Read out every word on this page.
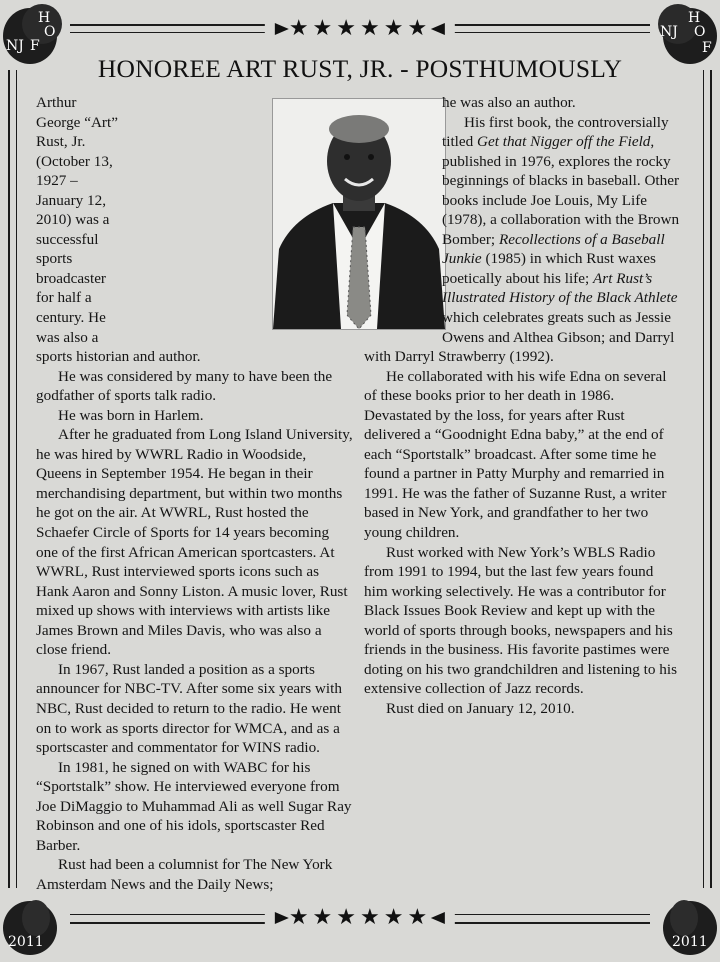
★★★★★★
★★★★★★
H
O
NJ F
H
O
NJ
F
2011	2011
HONOREE ART RUST, JR. - POSTHUMOUSLY

Arthur George “Art” Rust, Jr. (October 13, 1927 – January 12, 2010) was a successful sports broadcaster for half a century. He was also a sports historian and author.

He was considered by many to have been the godfather of sports talk radio.

He was born in Harlem.

After he graduated from Long Island University, he was hired by WWRL Radio in Woodside, Queens in September 1954. He began in their merchandising department, but within two months he got on the air. At WWRL, Rust hosted the Schaefer Circle of Sports for 14 years becoming one of the first African American sportcasters. At WWRL, Rust interviewed sports icons such as Hank Aaron and Sonny Liston. A music lover, Rust mixed up shows with interviews with artists like James Brown and Miles Davis, who was also a close friend.

In 1967, Rust landed a position as a sports announcer for NBC-TV. After some six years with NBC, Rust decided to return to the radio. He went on to work as sports director for WMCA, and as a sportscaster and commentator for WINS radio.

In 1981, he signed on with WABC for his “Sportstalk” show. He interviewed everyone from Joe DiMaggio to Muhammad Ali as well Sugar Ray Robinson and one of his idols, sportscaster Red Barber.

Rust had been a columnist for The New York Amsterdam News and the Daily News;

he was also an author.

His first book, the controversially titled Get that Nigger off the Field, published in 1976, explores the rocky beginnings of blacks in baseball. Other books include Joe Louis, My Life (1978), a collaboration with the Brown Bomber; Recollections of a Baseball Junkie (1985) in which Rust waxes poetically about his life; Art Rust’s Illustrated History of the Black Athlete which celebrates greats such as Jessie Owens and Althea Gibson; and Darryl with Darryl Strawberry (1992).

He collaborated with his wife Edna on several of these books prior to her death in 1986. Devastated by the loss, for years after Rust delivered a “Goodnight Edna baby,” at the end of each “Sportstalk” broadcast. After some time he found a partner in Patty Murphy and remarried in 1991. He was the father of Suzanne Rust, a writer based in New York, and grandfather to her two young children.

Rust worked with New York’s WBLS Radio from 1991 to 1994, but the last few years found him working selectively. He was a contributor for Black Issues Book Review and kept up with the world of sports through books, newspapers and his friends in the business. His favorite pastimes were doting on his two grandchildren and listening to his extensive collection of Jazz records.

Rust died on January 12, 2010.
